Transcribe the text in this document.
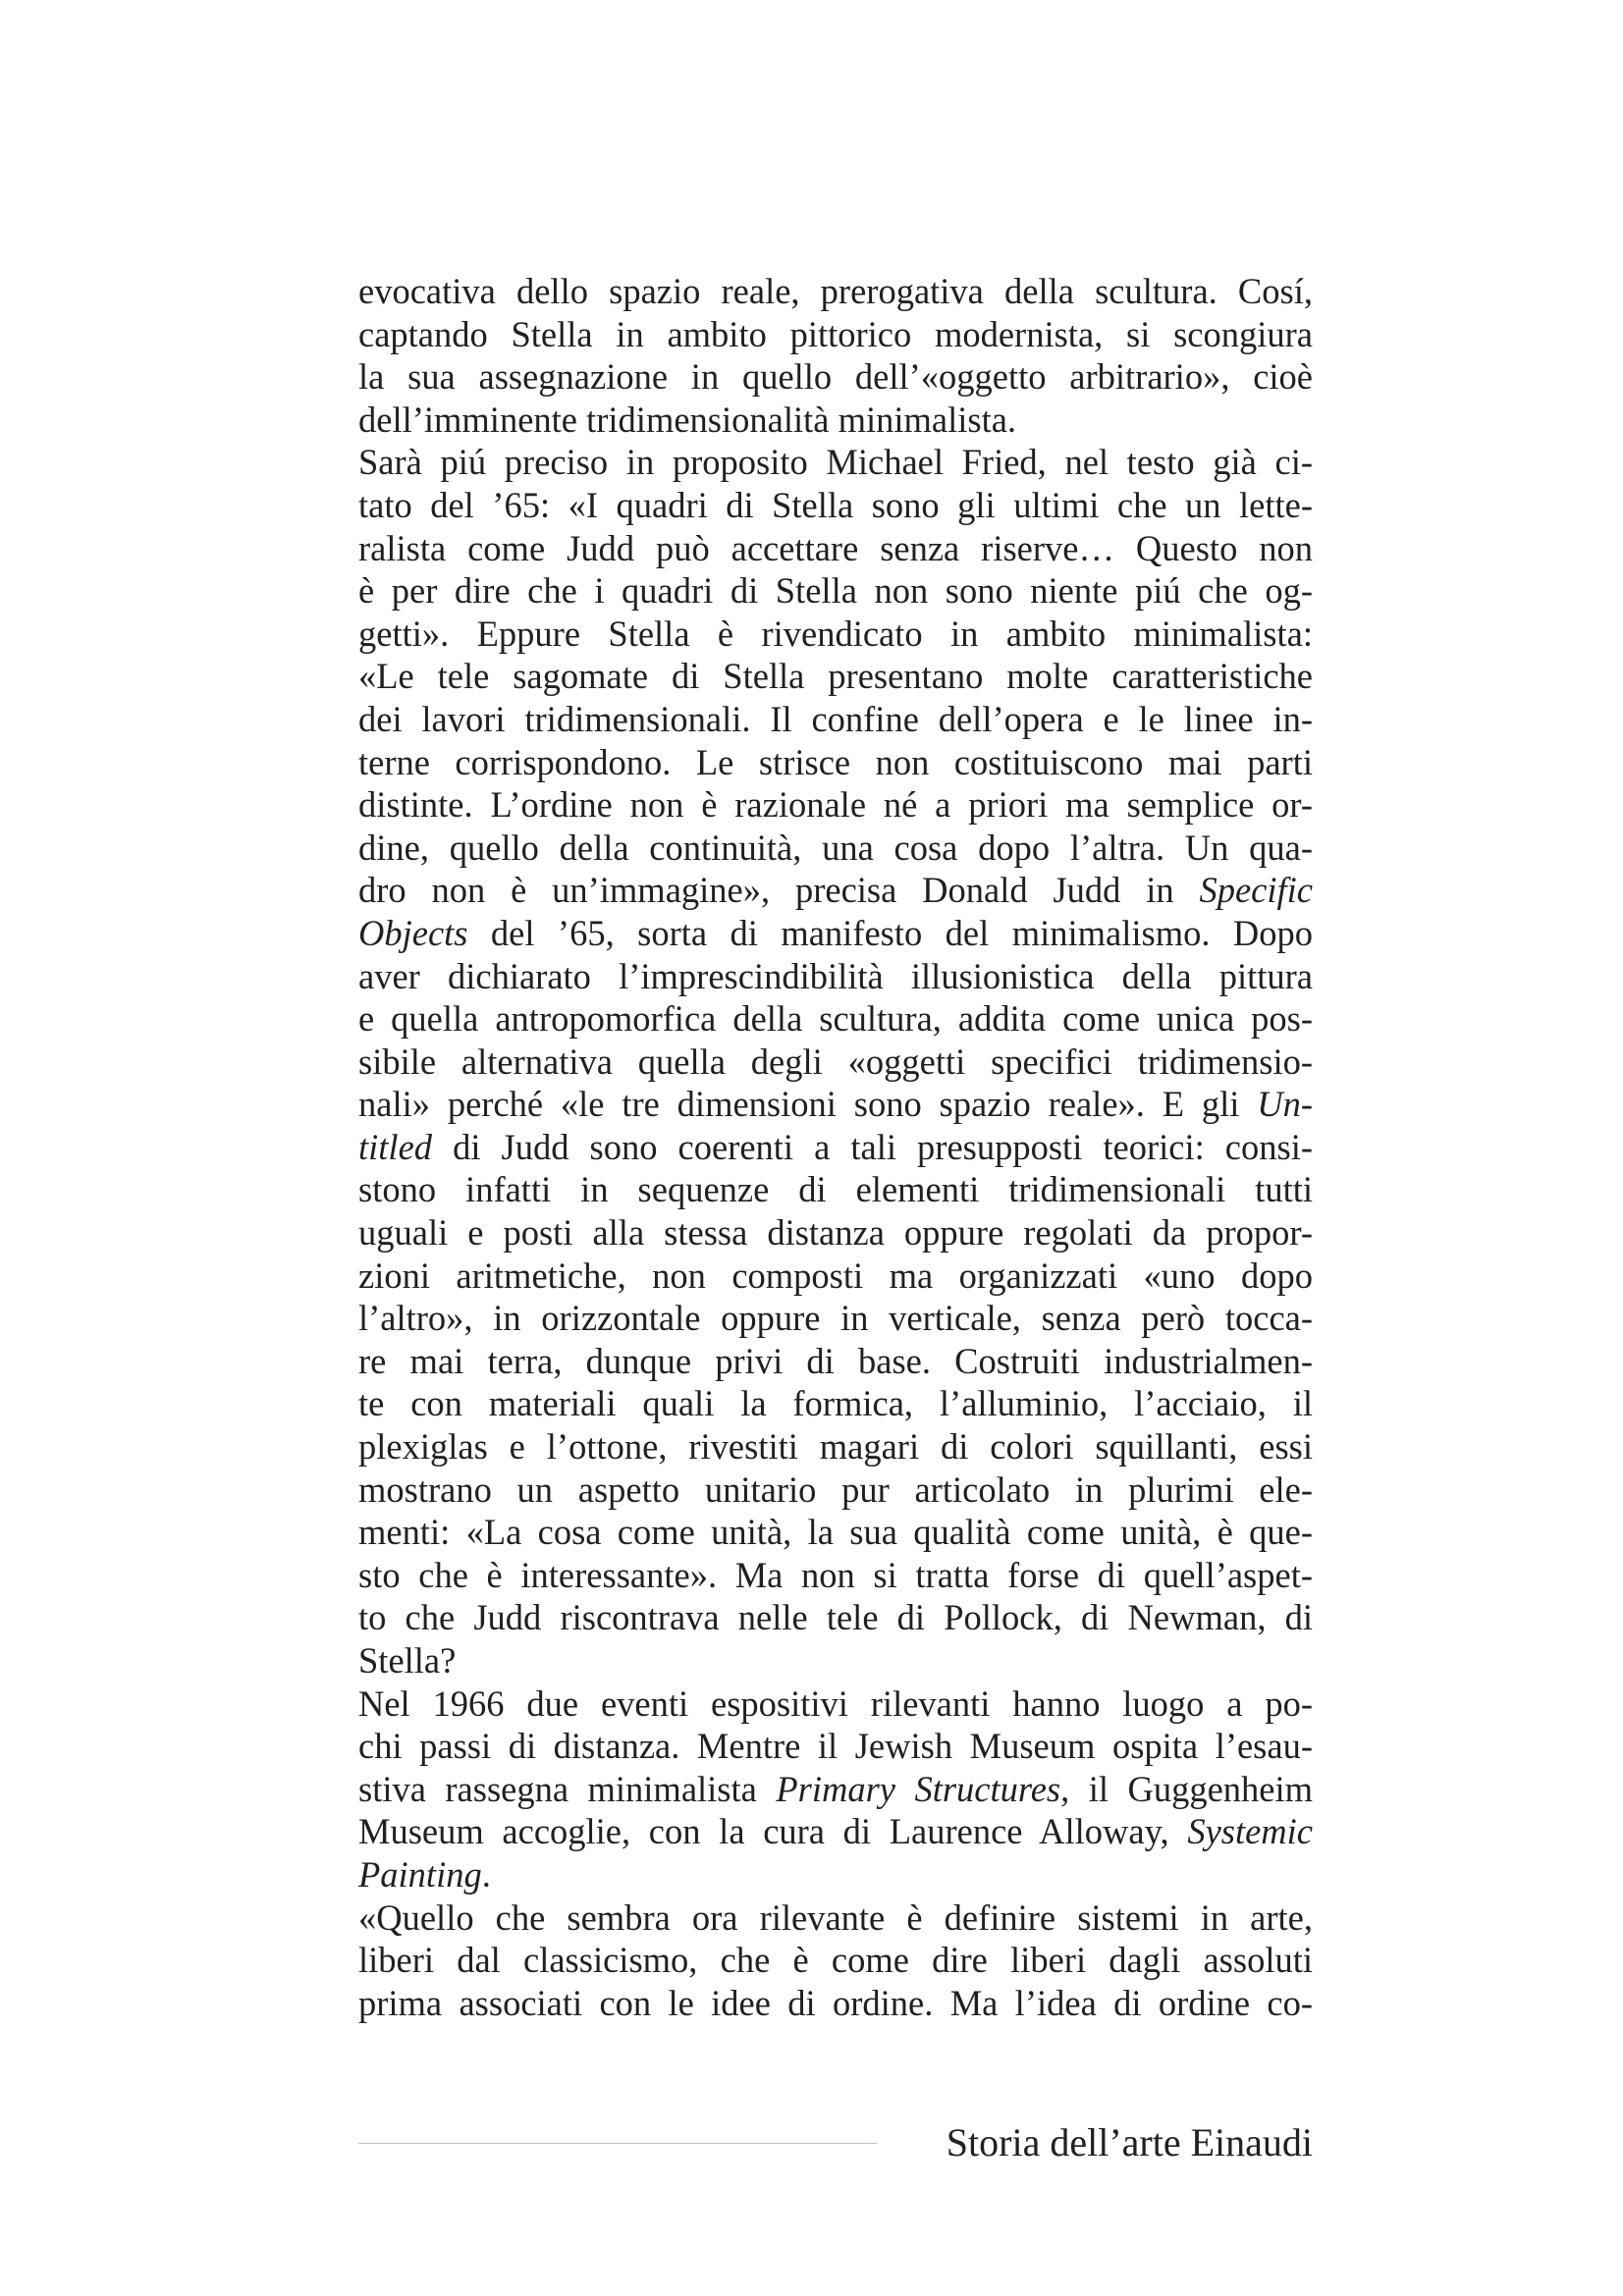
evocativa dello spazio reale, prerogativa della scultura. Cosí,
captando Stella in ambito pittorico modernista, si scongiura
la sua assegnazione in quello dell’«oggetto arbitrario», cioè
dell’imminente tridimensionalità minimalista.
Sarà piú preciso in proposito Michael Fried, nel testo già ci-
tato del ’65: «I quadri di Stella sono gli ultimi che un lette-
ralista come Judd può accettare senza riserve… Questo non
è per dire che i quadri di Stella non sono niente piú che og-
getti». Eppure Stella è rivendicato in ambito minimalista:
«Le tele sagomate di Stella presentano molte caratteristiche
dei lavori tridimensionali. Il confine dell’opera e le linee in-
terne corrispondono. Le strisce non costituiscono mai parti
distinte. L’ordine non è razionale né a priori ma semplice or-
dine, quello della continuità, una cosa dopo l’altra. Un qua-
dro non è un’immagine», precisa Donald Judd in Specific
Objects del ’65, sorta di manifesto del minimalismo. Dopo
aver dichiarato l’imprescindibilità illusionistica della pittura
e quella antropomorfica della scultura, addita come unica pos-
sibile alternativa quella degli «oggetti specifici tridimensio-
nali» perché «le tre dimensioni sono spazio reale». E gli Un-
titled di Judd sono coerenti a tali presupposti teorici: consi-
stono infatti in sequenze di elementi tridimensionali tutti
uguali e posti alla stessa distanza oppure regolati da propor-
zioni aritmetiche, non composti ma organizzati «uno dopo
l’altro», in orizzontale oppure in verticale, senza però tocca-
re mai terra, dunque privi di base. Costruiti industrialmen-
te con materiali quali la formica, l’alluminio, l’acciaio, il
plexiglas e l’ottone, rivestiti magari di colori squillanti, essi
mostrano un aspetto unitario pur articolato in plurimi ele-
menti: «La cosa come unità, la sua qualità come unità, è que-
sto che è interessante». Ma non si tratta forse di quell’aspet-
to che Judd riscontrava nelle tele di Pollock, di Newman, di
Stella?
Nel 1966 due eventi espositivi rilevanti hanno luogo a po-
chi passi di distanza. Mentre il Jewish Museum ospita l’esau-
stiva rassegna minimalista Primary Structures, il Guggenheim
Museum accoglie, con la cura di Laurence Alloway, Systemic
Painting.
«Quello che sembra ora rilevante è definire sistemi in arte,
liberi dal classicismo, che è come dire liberi dagli assoluti
prima associati con le idee di ordine. Ma l’idea di ordine co-
Storia dell’arte Einaudi
